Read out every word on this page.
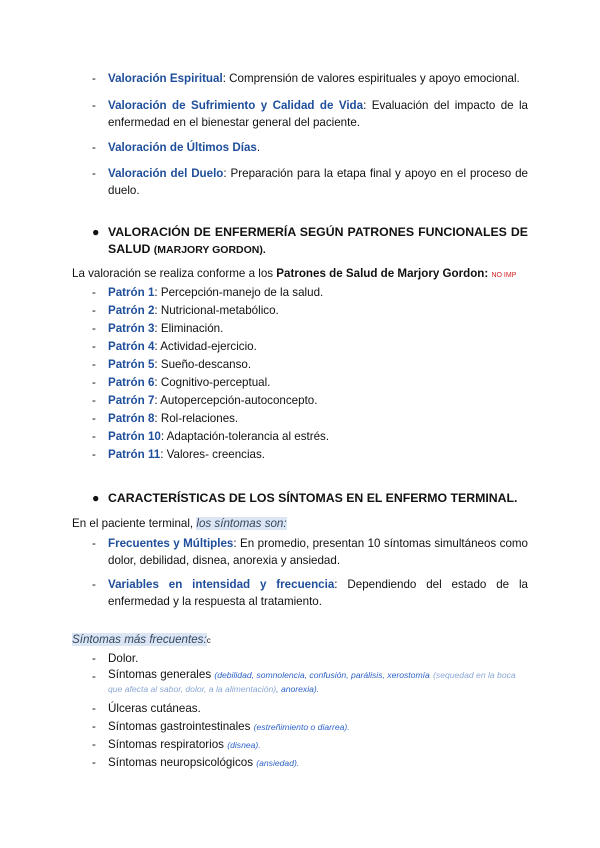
- Valoración Espiritual: Comprensión de valores espirituales y apoyo emocional.
- Valoración de Sufrimiento y Calidad de Vida: Evaluación del impacto de la enfermedad en el bienestar general del paciente.
- Valoración de Últimos Días.
- Valoración del Duelo: Preparación para la etapa final y apoyo en el proceso de duelo.
● VALORACIÓN DE ENFERMERÍA SEGÚN PATRONES FUNCIONALES DE SALUD (MARJORY GORDON).
La valoración se realiza conforme a los Patrones de Salud de Marjory Gordon: NO IMP
- Patrón 1: Percepción-manejo de la salud.
- Patrón 2: Nutricional-metabólico.
- Patrón 3: Eliminación.
- Patrón 4: Actividad-ejercicio.
- Patrón 5: Sueño-descanso.
- Patrón 6: Cognitivo-perceptual.
- Patrón 7: Autopercepción-autoconcepto.
- Patrón 8: Rol-relaciones.
- Patrón 10: Adaptación-tolerancia al estrés.
- Patrón 11: Valores- creencias.
● CARACTERÍSTICAS DE LOS SÍNTOMAS EN EL ENFERMO TERMINAL.
En el paciente terminal, los síntomas son:
- Frecuentes y Múltiples: En promedio, presentan 10 síntomas simultáneos como dolor, debilidad, disnea, anorexia y ansiedad.
- Variables en intensidad y frecuencia: Dependiendo del estado de la enfermedad y la respuesta al tratamiento.
Síntomas más frecuentes:c
- Dolor.
- Síntomas generales (debilidad, somnolencia, confusión, parálisis, xerostomía (sequedad en la boca que afecta al sabor, dolor, a la alimentación), anorexia).
- Úlceras cutáneas.
- Síntomas gastrointestinales (estreñimiento o diarrea).
- Síntomas respiratorios (disnea).
- Síntomas neuropsicológicos (ansiedad).
